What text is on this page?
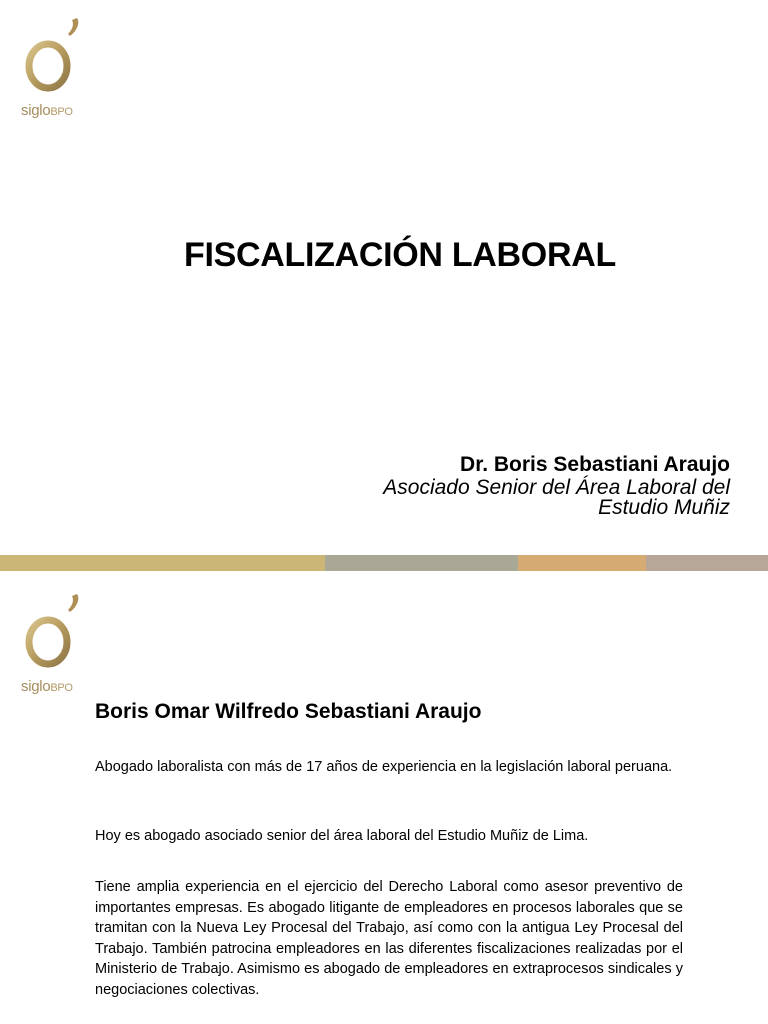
sigloBPO
FISCALIZACIÓN LABORAL
Dr. Boris Sebastiani Araujo
Asociado Senior del Área Laboral del
Estudio Muñiz
sigloBPO
Boris Omar Wilfredo Sebastiani Araujo
Abogado laboralista con más de 17 años de experiencia en la legislación laboral peruana.
Hoy es abogado asociado senior del área laboral del Estudio Muñiz de Lima.
Tiene amplia experiencia en el ejercicio del Derecho Laboral como asesor preventivo de importantes empresas. Es abogado litigante de empleadores en procesos laborales que se tramitan con la Nueva Ley Procesal del Trabajo, así como con la antigua Ley Procesal del Trabajo. También patrocina empleadores en las diferentes fiscalizaciones realizadas por el Ministerio de Trabajo. Asimismo es abogado de empleadores en extraprocesos sindicales y negociaciones colectivas.
